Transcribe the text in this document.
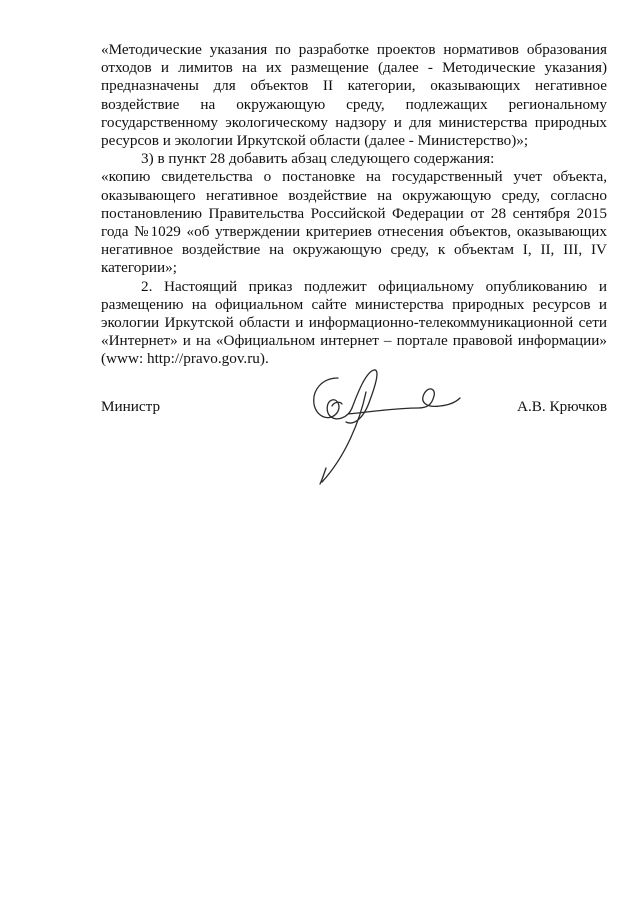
«Методические указания по разработке проектов нормативов образования отходов и лимитов на их размещение (далее - Методические указания) предназначены для объектов II категории, оказывающих негативное воздействие на окружающую среду, подлежащих региональному государственному экологическому надзору и для министерства природных ресурсов и экологии Иркутской области (далее - Министерство)»;

3) в пункт 28 добавить абзац следующего содержания:

«копию свидетельства о постановке на государственный учет объекта, оказывающего негативное воздействие на окружающую среду, согласно постановлению Правительства Российской Федерации от 28 сентября 2015 года №1029 «об утверждении критериев отнесения объектов, оказывающих негативное воздействие на окружающую среду, к объектам I, II, III, IV категории»;

2. Настоящий приказ подлежит официальному опубликованию и размещению на официальном сайте министерства природных ресурсов и экологии Иркутской области и информационно-телекоммуникационной сети «Интернет» и на «Официальном интернет – портале правовой информации» (www: http://pravo.gov.ru).

Министр	А.В. Крючков
